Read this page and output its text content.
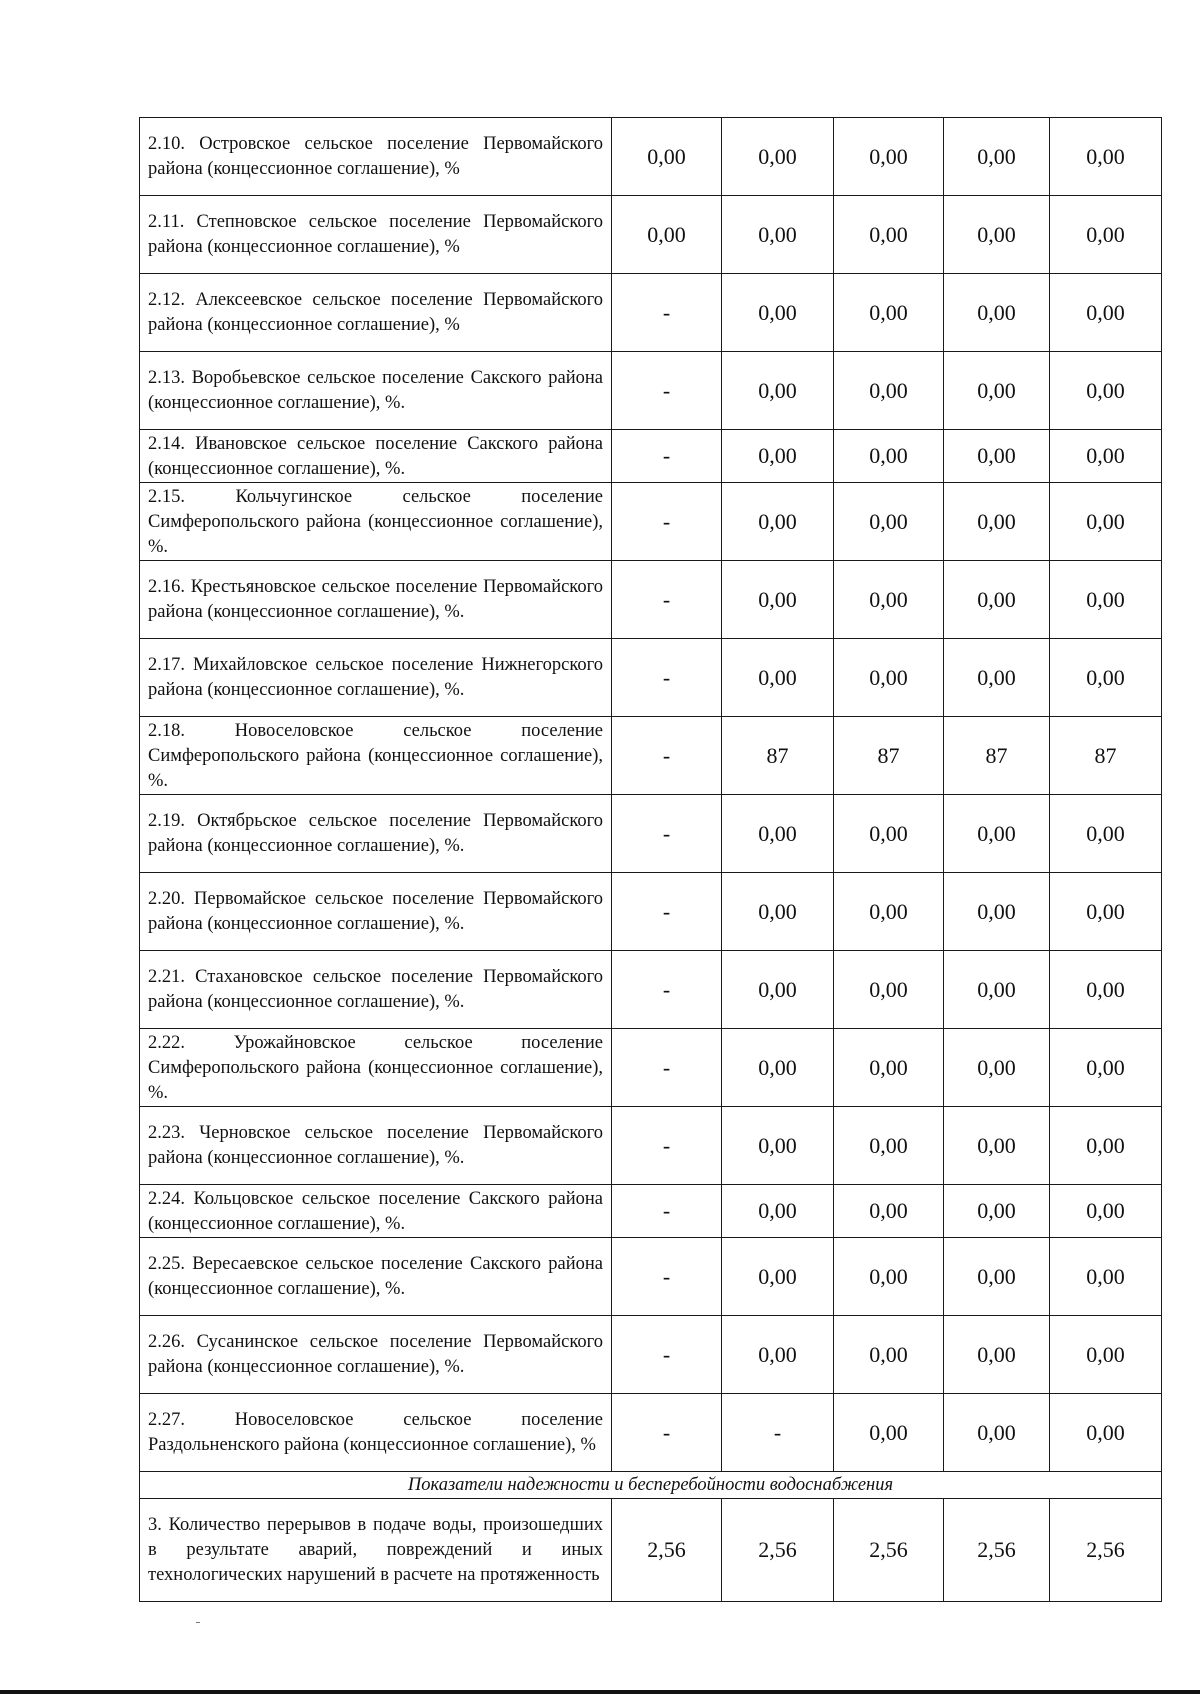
2.10. Островское сельское поселение Первомайского района (концессионное соглашение), %	0,00	0,00	0,00	0,00	0,00
2.11. Степновское сельское поселение Первомайского района (концессионное соглашение), %	0,00	0,00	0,00	0,00	0,00
2.12. Алексеевское сельское поселение Первомайского района (концессионное соглашение), %	-	0,00	0,00	0,00	0,00
2.13. Воробьевское сельское поселение Сакского района (концессионное соглашение), %.	-	0,00	0,00	0,00	0,00
2.14. Ивановское сельское поселение Сакского района (концессионное соглашение), %.	-	0,00	0,00	0,00	0,00
2.15. Кольчугинское сельское поселение Симферопольского района (концессионное соглашение), %.	-	0,00	0,00	0,00	0,00
2.16. Крестьяновское сельское поселение Первомайского района (концессионное соглашение), %.	-	0,00	0,00	0,00	0,00
2.17. Михайловское сельское поселение Нижнегорского района (концессионное соглашение), %.	-	0,00	0,00	0,00	0,00
2.18. Новоселовское сельское поселение Симферопольского района (концессионное соглашение), %.	-	87	87	87	87
2.19. Октябрьское сельское поселение Первомайского района (концессионное соглашение), %.	-	0,00	0,00	0,00	0,00
2.20. Первомайское сельское поселение Первомайского района (концессионное соглашение), %.	-	0,00	0,00	0,00	0,00
2.21. Стахановское сельское поселение Первомайского района (концессионное соглашение), %.	-	0,00	0,00	0,00	0,00
2.22. Урожайновское сельское поселение Симферопольского района (концессионное соглашение), %.	-	0,00	0,00	0,00	0,00
2.23. Черновское сельское поселение Первомайского района (концессионное соглашение), %.	-	0,00	0,00	0,00	0,00
2.24. Кольцовское сельское поселение Сакского района (концессионное соглашение), %.	-	0,00	0,00	0,00	0,00
2.25. Вересаевское сельское поселение Сакского района (концессионное соглашение), %.	-	0,00	0,00	0,00	0,00
2.26. Сусанинское сельское поселение Первомайского района (концессионное соглашение), %.	-	0,00	0,00	0,00	0,00
2.27. Новоселовское сельское поселение Раздольненского района (концессионное соглашение), %	-	-	0,00	0,00	0,00
Показатели надежности и бесперебойности водоснабжения					
3. Количество перерывов в подаче воды, произошедших в результате аварий, повреждений и иных технологических нарушений в расчете на протяженность	2,56	2,56	2,56	2,56	2,56
